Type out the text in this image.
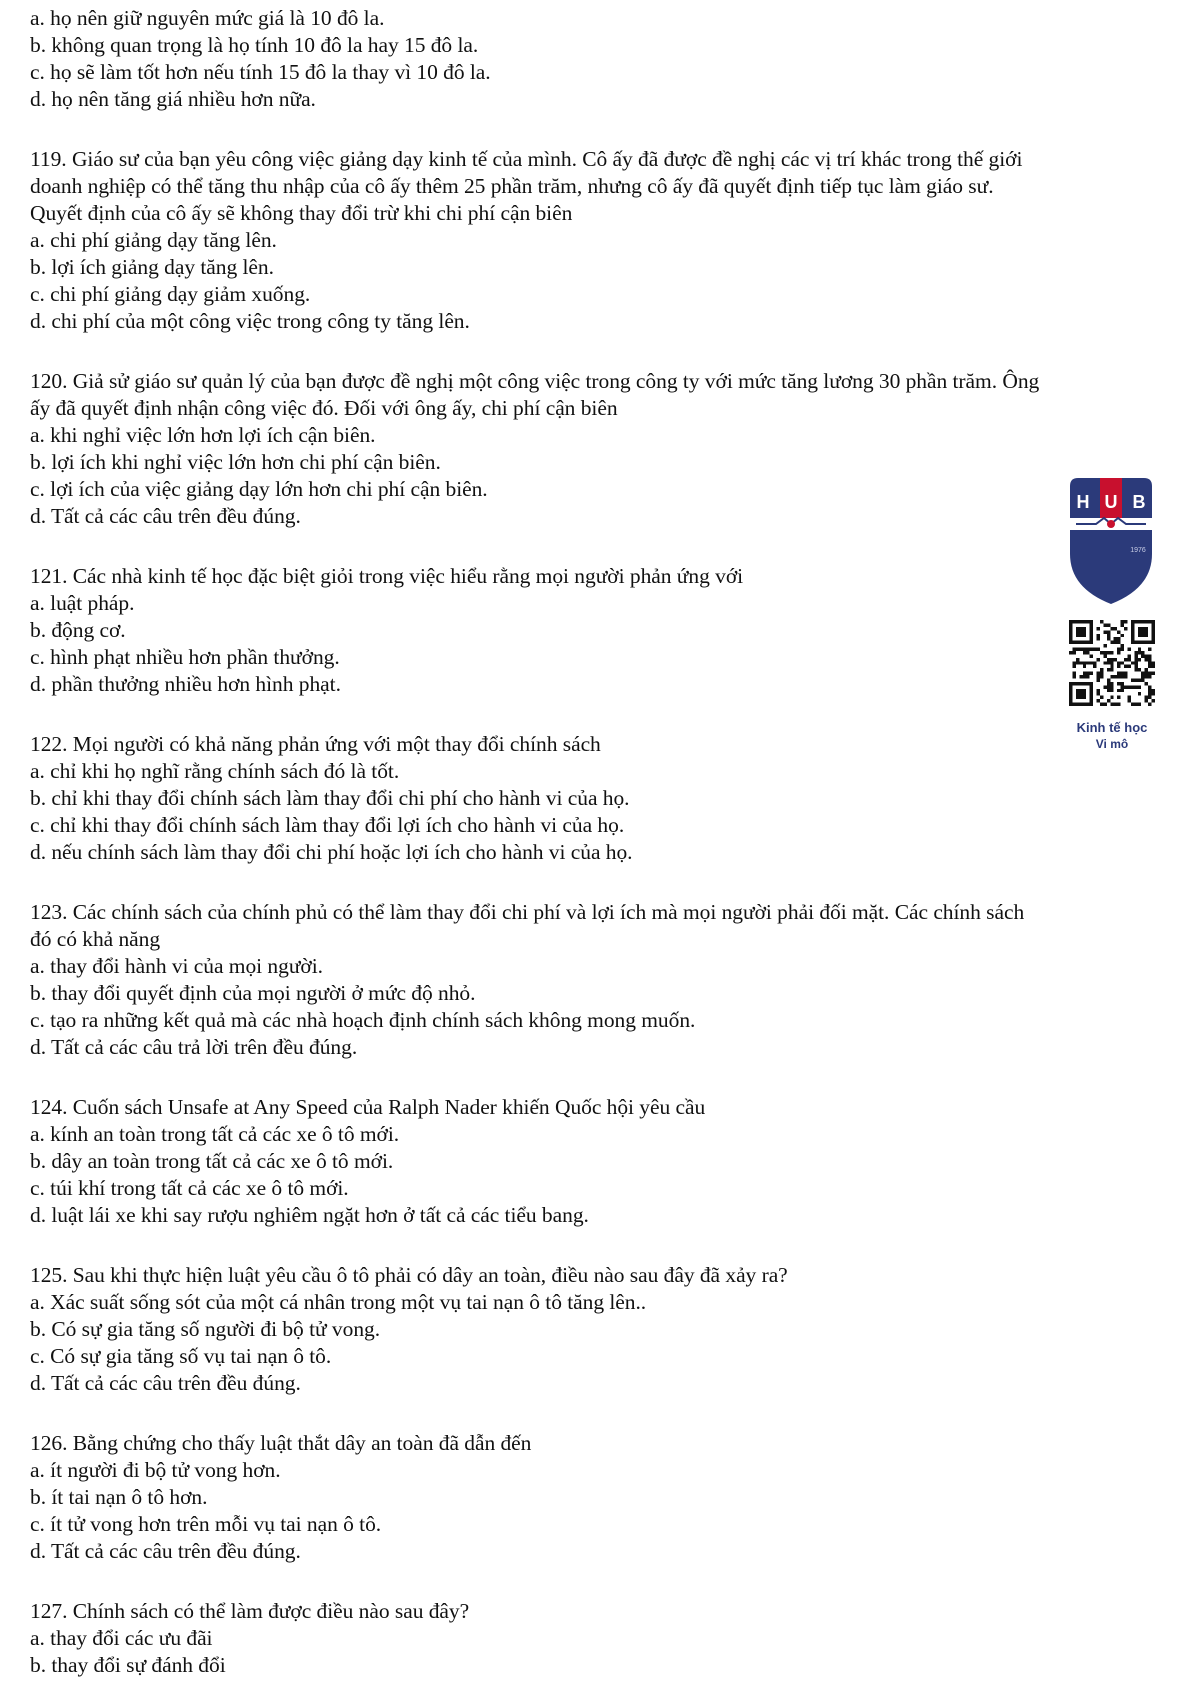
a. họ nên giữ nguyên mức giá là 10 đô la.

b. không quan trọng là họ tính 10 đô la hay 15 đô la.

c. họ sẽ làm tốt hơn nếu tính 15 đô la thay vì 10 đô la.

d. họ nên tăng giá nhiều hơn nữa.

119. Giáo sư của bạn yêu công việc giảng dạy kinh tế của mình. Cô ấy đã được đề nghị các vị trí khác trong thế giới

doanh nghiệp có thể tăng thu nhập của cô ấy thêm 25 phần trăm, nhưng cô ấy đã quyết định tiếp tục làm giáo sư.

Quyết định của cô ấy sẽ không thay đổi trừ khi chi phí cận biên

a. chi phí giảng dạy tăng lên.

b. lợi ích giảng dạy tăng lên.

c. chi phí giảng dạy giảm xuống.

d. chi phí của một công việc trong công ty tăng lên.

120. Giả sử giáo sư quản lý của bạn được đề nghị một công việc trong công ty với mức tăng lương 30 phần trăm. Ông

ấy đã quyết định nhận công việc đó. Đối với ông ấy, chi phí cận biên

a. khi nghỉ việc lớn hơn lợi ích cận biên.

b. lợi ích khi nghỉ việc lớn hơn chi phí cận biên.

c. lợi ích của việc giảng dạy lớn hơn chi phí cận biên.

d. Tất cả các câu trên đều đúng.

121. Các nhà kinh tế học đặc biệt giỏi trong việc hiểu rằng mọi người phản ứng với

a. luật pháp.

b. động cơ.

c. hình phạt nhiều hơn phần thưởng.

d. phần thưởng nhiều hơn hình phạt.

122. Mọi người có khả năng phản ứng với một thay đổi chính sách

a. chỉ khi họ nghĩ rằng chính sách đó là tốt.

b. chỉ khi thay đổi chính sách làm thay đổi chi phí cho hành vi của họ.

c. chỉ khi thay đổi chính sách làm thay đổi lợi ích cho hành vi của họ.

d. nếu chính sách làm thay đổi chi phí hoặc lợi ích cho hành vi của họ.

123. Các chính sách của chính phủ có thể làm thay đổi chi phí và lợi ích mà mọi người phải đối mặt. Các chính sách

đó có khả năng

a. thay đổi hành vi của mọi người.

b. thay đổi quyết định của mọi người ở mức độ nhỏ.

c. tạo ra những kết quả mà các nhà hoạch định chính sách không mong muốn.

d. Tất cả các câu trả lời trên đều đúng.

124. Cuốn sách Unsafe at Any Speed của Ralph Nader khiến Quốc hội yêu cầu

a. kính an toàn trong tất cả các xe ô tô mới.

b. dây an toàn trong tất cả các xe ô tô mới.

c. túi khí trong tất cả các xe ô tô mới.

d. luật lái xe khi say rượu nghiêm ngặt hơn ở tất cả các tiểu bang.

125. Sau khi thực hiện luật yêu cầu ô tô phải có dây an toàn, điều nào sau đây đã xảy ra?

a. Xác suất sống sót của một cá nhân trong một vụ tai nạn ô tô tăng lên..

b. Có sự gia tăng số người đi bộ tử vong.

c. Có sự gia tăng số vụ tai nạn ô tô.

d. Tất cả các câu trên đều đúng.

126. Bằng chứng cho thấy luật thắt dây an toàn đã dẫn đến

a. ít người đi bộ tử vong hơn.

b. ít tai nạn ô tô hơn.

c. ít tử vong hơn trên mỗi vụ tai nạn ô tô.

d. Tất cả các câu trên đều đúng.

127. Chính sách có thể làm được điều nào sau đây?

a. thay đổi các ưu đãi

b. thay đổi sự đánh đổi

H U B
1976
Kinh tế học
Vi mô
